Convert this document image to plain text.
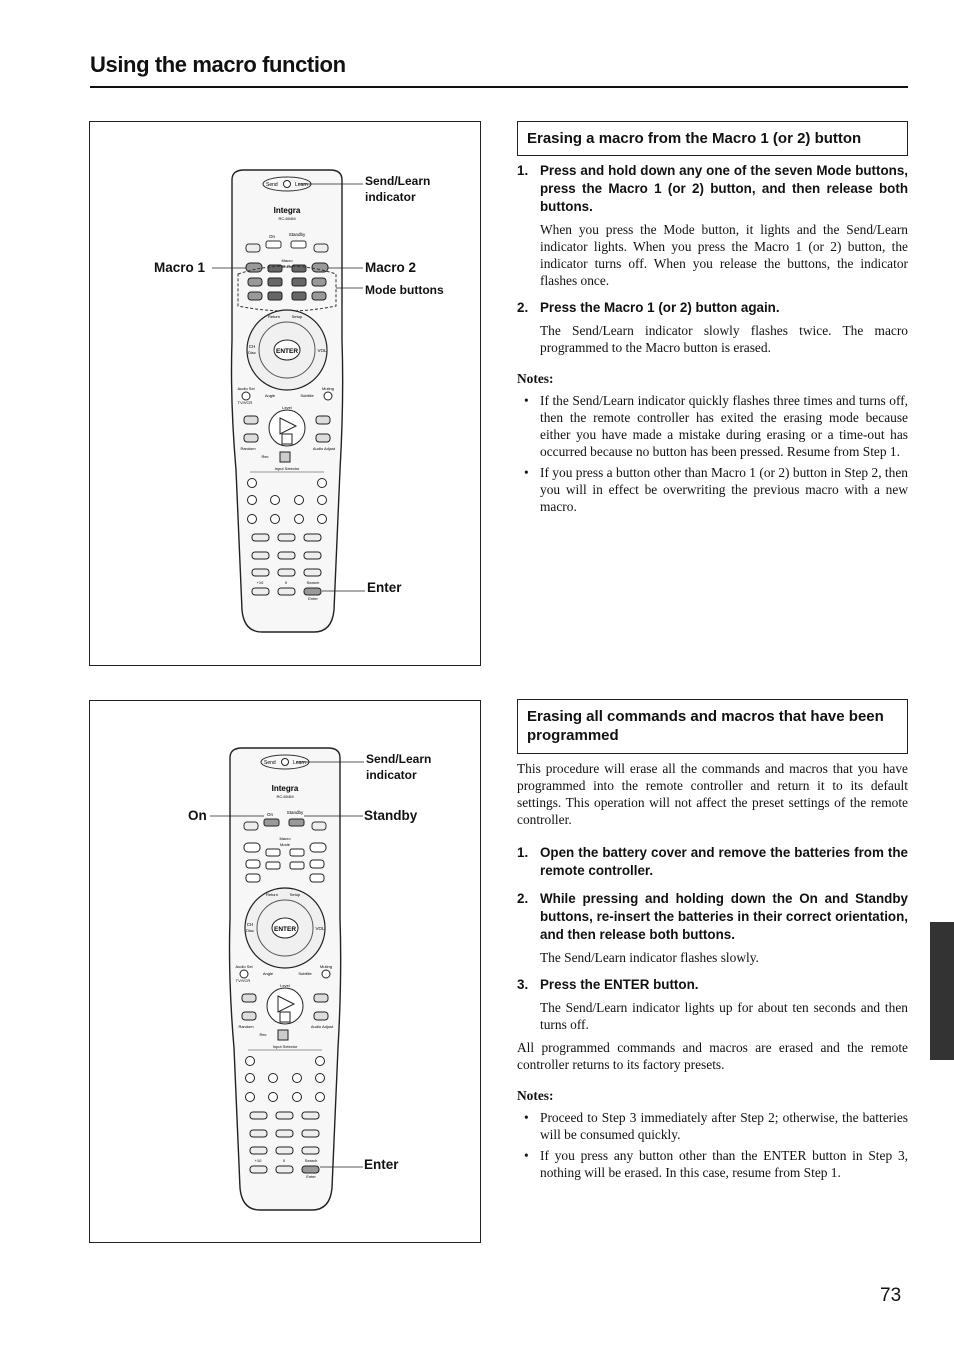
Using the macro function
Send	Learn
Integra
RC-604M
On	Standby
Macro
Mode
ENTER
Setup
Return
CH
Disc	VOL
Audio Sel	Muting
Angle	Subtitle
TV/VCR
Level
Random	Audio Adjust
Rec
Input Selector
+10	0	Search
Enter
Send/Learn
indicator
Macro 1	Macro 2
Mode buttons
Enter
Send	Learn
Integra
RC-604M
On	Standby
Macro
Mode
ENTER
Setup
Return
CH
Disc	VOL
Audio Sel	Muting
Angle	Subtitle
TV/VCR
Level
Random	Audio Adjust
Rec
Input Selector
+10	0	Search
Enter
Send/Learn
indicator
On	Standby
Enter
Erasing a macro from the Macro 1 (or 2) button
1. Press and hold down any one of the seven Mode buttons, press the Macro 1 (or 2) button, and then release both buttons.
When you press the Mode button, it lights and the Send/Learn indicator lights. When you press the Macro 1 (or 2) button, the indicator turns off. When you release the buttons, the indicator flashes once.
2. Press the Macro 1 (or 2) button again.
The Send/Learn indicator slowly flashes twice. The macro programmed to the Macro button is erased.
Notes:
• If the Send/Learn indicator quickly flashes three times and turns off, then the remote controller has exited the erasing mode because either you have made a mistake during erasing or a time-out has occurred because no button has been pressed. Resume from Step 1.
• If you press a button other than Macro 1 (or 2) button in Step 2, then you will in effect be overwriting the previous macro with a new macro.
Erasing all commands and macros that have been programmed
This procedure will erase all the commands and macros that you have programmed into the remote controller and return it to its default settings. This operation will not affect the preset settings of the remote controller.
1. Open the battery cover and remove the batteries from the remote controller.
2. While pressing and holding down the On and Standby buttons, re-insert the batteries in their correct orientation, and then release both buttons.
The Send/Learn indicator flashes slowly.
3. Press the ENTER button.
The Send/Learn indicator lights up for about ten seconds and then turns off.
All programmed commands and macros are erased and the remote controller returns to its factory presets.
Notes:
• Proceed to Step 3 immediately after Step 2; otherwise, the batteries will be consumed quickly.
• If you press any button other than the ENTER button in Step 3, nothing will be erased. In this case, resume from Step 1.
73
